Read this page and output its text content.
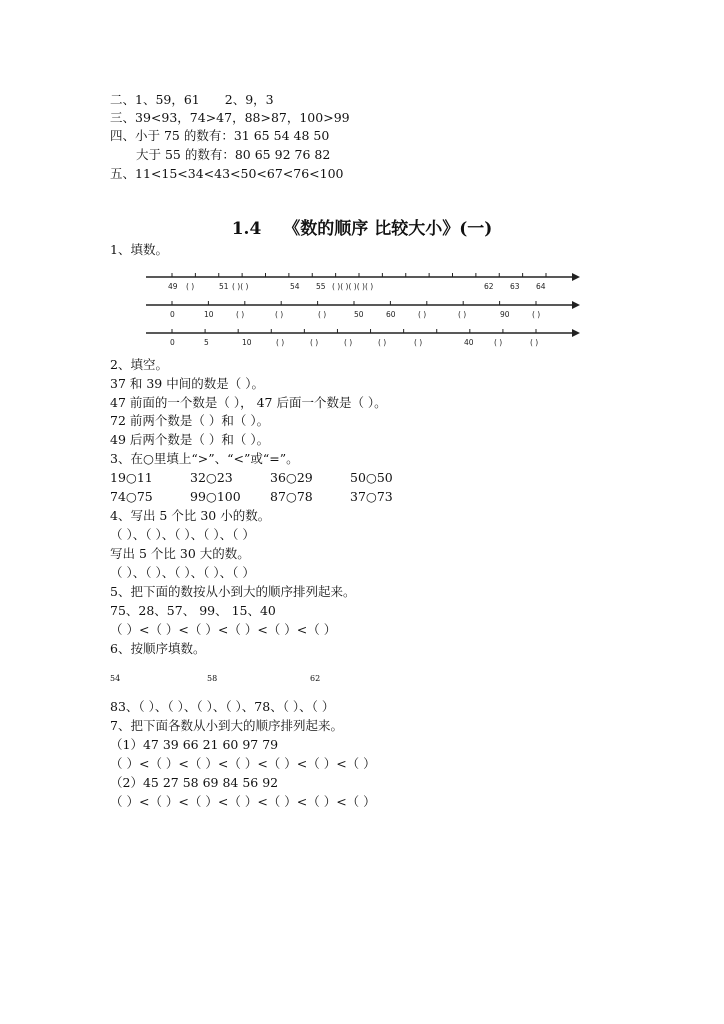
二、1、59，61　　2、9，3
三、39<93，74>47，88>87，100>99
四、小于 75 的数有：31 65 54 48 50
大于 55 的数有：80 65 92 76 82
五、11<15<34<43<50<67<76<100
1.4 《数的顺序 比较大小》(一)
1、填数。
49 ( )	51 ( )( )	54 55 ( )( )( )( )( )	62 63 64
0	10	( )	( )	( )	50	60	( )	( )	90	( )
0	5	10	( )	( )	( )	( )	( )	40	( )	( )
2、填空。
37 和 39 中间的数是（ ）。
47 前面的一个数是（ ）， 47 后面一个数是（ ）。
72 前两个数是（ ）和（ ）。
49 后两个数是（ ）和（ ）。
3、在○里填上“>”、“<”或“=”。
19○11	32○23	36○29	50○50
74○75	99○100 87○78	37○73
4、写出 5 个比 30 小的数。
（ ）、（ ）、（ ）、（ ）、（ ）
写出 5 个比 30 大的数。
（ ）、（ ）、（ ）、（ ）、（ ）
5、把下面的数按从小到大的顺序排列起来。
75、28、57、 99、 15、40
（ ）<（ ）<（ ）<（ ）<（ ）<（ ）
6、按顺序填数。
54	58	62
83、（ ）、（ ）、（ ）、（ ）、78、（ ）、（ ）
7、把下面各数从小到大的顺序排列起来。
（1）47 39 66 21 60 97 79
（ ）<（ ）<（ ）<（ ）<（ ）<（ ）<（ ）
（2）45 27 58 69 84 56 92
（ ）<（ ）<（ ）<（ ）<（ ）<（ ）<（ ）
